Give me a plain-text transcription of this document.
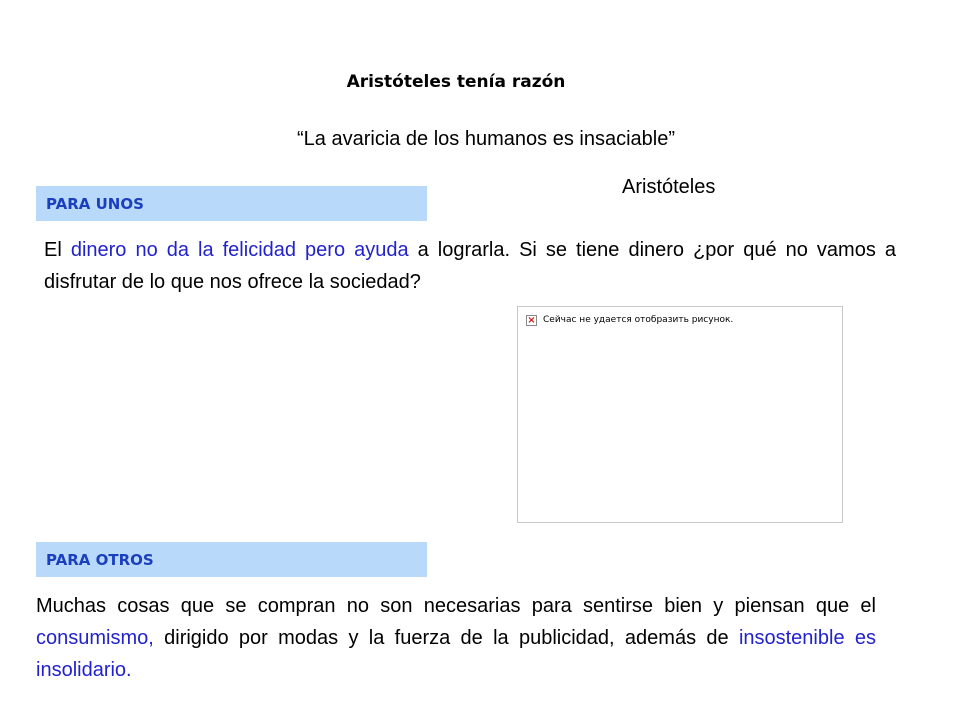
Aristóteles tenía razón
“La avaricia de los humanos es insaciable”
Aristóteles
PARA UNOS
El dinero no da la felicidad pero ayuda a lograrla. Si se tiene dinero ¿por qué no vamos a disfrutar de lo que nos ofrece la sociedad?
× Сейчас не удается отобразить рисунок.
PARA OTROS
Muchas cosas que se compran no son necesarias para sentirse bien y piensan que el consumismo, dirigido por modas y la fuerza de la publicidad, además de insostenible es insolidario.
